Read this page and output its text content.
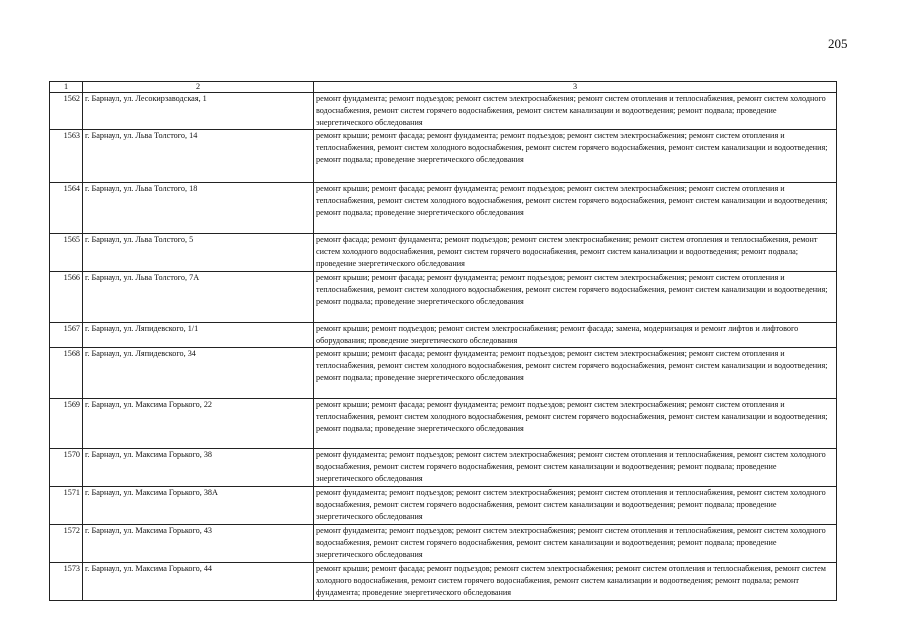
205
1	2	3
1562	г. Барнаул, ул. Лесокирзаводская, 1	ремонт фундамента; ремонт подъездов; ремонт систем электроснабжения; ремонт систем отопления и теплоснабжения, ремонт систем холодного водоснабжения, ремонт систем горячего водоснабжения, ремонт систем канализации и водоотведения; ремонт подвала; проведение энергетического обследования
1563	г. Барнаул, ул. Льва Толстого, 14	ремонт крыши; ремонт фасада; ремонт фундамента; ремонт подъездов; ремонт систем электроснабжения; ремонт систем отопления и теплоснабжения, ремонт систем холодного водоснабжения, ремонт систем горячего водоснабжения, ремонт систем канализации и водоотведения; ремонт подвала; проведение энергетического обследования
1564	г. Барнаул, ул. Льва Толстого, 18	ремонт крыши; ремонт фасада; ремонт фундамента; ремонт подъездов; ремонт систем электроснабжения; ремонт систем отопления и теплоснабжения, ремонт систем холодного водоснабжения, ремонт систем горячего водоснабжения, ремонт систем канализации и водоотведения; ремонт подвала; проведение энергетического обследования
1565	г. Барнаул, ул. Льва Толстого, 5	ремонт фасада; ремонт фундамента; ремонт подъездов; ремонт систем электроснабжения; ремонт систем отопления и теплоснабжения, ремонт систем холодного водоснабжения, ремонт систем горячего водоснабжения, ремонт систем канализации и водоотведения; ремонт подвала; проведение энергетического обследования
1566	г. Барнаул, ул. Льва Толстого, 7А	ремонт крыши; ремонт фасада; ремонт фундамента; ремонт подъездов; ремонт систем электроснабжения; ремонт систем отопления и теплоснабжения, ремонт систем холодного водоснабжения, ремонт систем горячего водоснабжения, ремонт систем канализации и водоотведения; ремонт подвала; проведение энергетического обследования
1567	г. Барнаул, ул. Ляпидевского, 1/1	ремонт крыши; ремонт подъездов; ремонт систем электроснабжения; ремонт фасада; замена, модернизация и ремонт лифтов и лифтового оборудования; проведение энергетического обследования
1568	г. Барнаул, ул. Ляпидевского, 34	ремонт крыши; ремонт фасада; ремонт фундамента; ремонт подъездов; ремонт систем электроснабжения; ремонт систем отопления и теплоснабжения, ремонт систем холодного водоснабжения, ремонт систем горячего водоснабжения, ремонт систем канализации и водоотведения; ремонт подвала; проведение энергетического обследования
1569	г. Барнаул, ул. Максима Горького, 22	ремонт крыши; ремонт фасада; ремонт фундамента; ремонт подъездов; ремонт систем электроснабжения; ремонт систем отопления и теплоснабжения, ремонт систем холодного водоснабжения, ремонт систем горячего водоснабжения, ремонт систем канализации и водоотведения; ремонт подвала; проведение энергетического обследования
1570	г. Барнаул, ул. Максима Горького, 38	ремонт фундамента; ремонт подъездов; ремонт систем электроснабжения; ремонт систем отопления и теплоснабжения, ремонт систем холодного водоснабжения, ремонт систем горячего водоснабжения, ремонт систем канализации и водоотведения; ремонт подвала; проведение энергетического обследования
1571	г. Барнаул, ул. Максима Горького, 38А	ремонт фундамента; ремонт подъездов; ремонт систем электроснабжения; ремонт систем отопления и теплоснабжения, ремонт систем холодного водоснабжения, ремонт систем горячего водоснабжения, ремонт систем канализации и водоотведения; ремонт подвала; проведение энергетического обследования
1572	г. Барнаул, ул. Максима Горького, 43	ремонт фундамента; ремонт подъездов; ремонт систем электроснабжения; ремонт систем отопления и теплоснабжения, ремонт систем холодного водоснабжения, ремонт систем горячего водоснабжения, ремонт систем канализации и водоотведения; ремонт подвала; проведение энергетического обследования
1573	г. Барнаул, ул. Максима Горького, 44	ремонт крыши; ремонт фасада; ремонт подъездов; ремонт систем электроснабжения; ремонт систем отопления и теплоснабжения, ремонт систем холодного водоснабжения, ремонт систем горячего водоснабжения, ремонт систем канализации и водоотведения; ремонт подвала; ремонт фундамента; проведение энергетического обследования
